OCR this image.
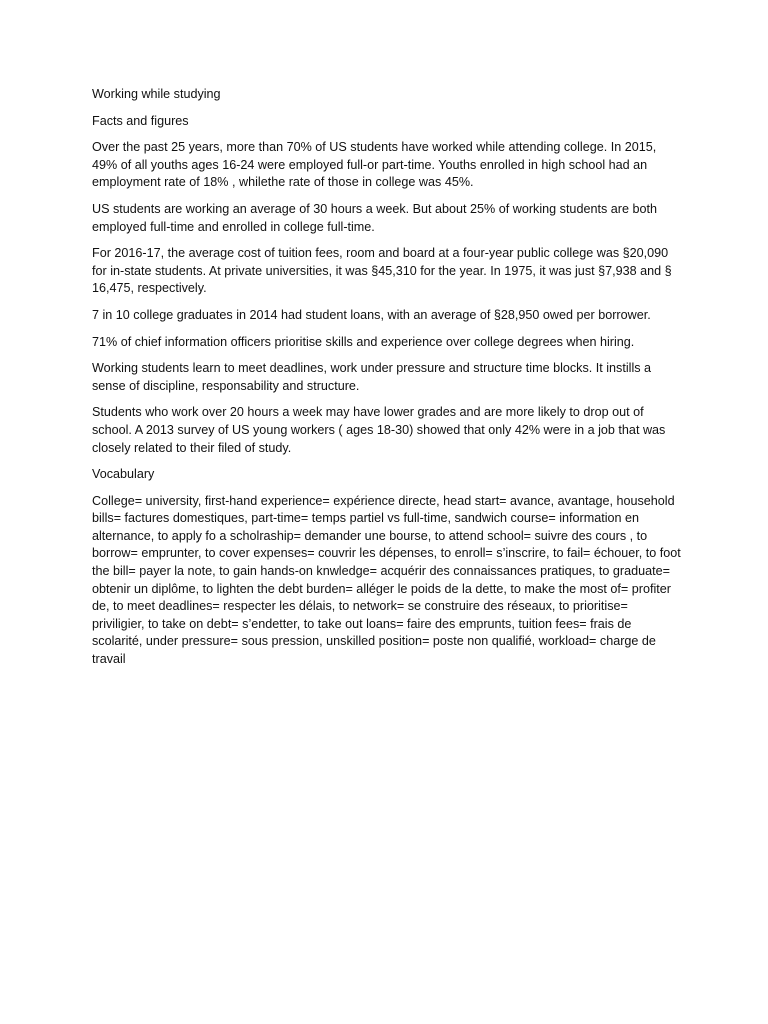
Working while studying

Facts and figures

Over the past 25 years, more than 70% of US students have worked while attending college. In 2015, 49% of all youths ages 16-24 were employed full-or part-time. Youths enrolled in high school had an employment rate of 18% , whilethe rate of those in college was 45%.

US students are working an average of 30 hours a week. But about 25% of working students are both employed full-time and enrolled in college full-time.

For 2016-17, the average cost of tuition fees, room and board at a four-year public college was §20,090 for in-state students. At private universities, it was §45,310 for the year. In 1975, it was just §7,938 and § 16,475, respectively.

7 in 10 college graduates in 2014 had student loans, with an average of §28,950 owed per borrower.

71% of chief information officers prioritise skills and experience over college degrees when hiring.

Working students learn to meet deadlines, work under pressure and structure time blocks. It instills a sense of discipline, responsability and structure.

Students who work over 20 hours a week may have lower grades and are more likely to drop out of school. A 2013 survey of US young workers ( ages 18-30) showed that only 42% were in a job that was closely related to their filed of study.

Vocabulary

College= university, first-hand experience= expérience directe, head start= avance, avantage, household bills= factures domestiques, part-time= temps partiel vs full-time, sandwich course= information en alternance, to apply fo a scholraship= demander une bourse, to attend school= suivre des cours , to borrow= emprunter, to cover expenses= couvrir les dépenses, to enroll= s’inscrire, to fail= échouer, to foot the bill= payer la note, to gain hands-on knwledge= acquérir des connaissances pratiques, to graduate= obtenir un diplôme, to lighten the debt burden= alléger le poids de la dette, to make the most of= profiter de, to meet deadlines= respecter les délais, to network= se construire des réseaux, to prioritise= priviligier, to take on debt= s’endetter, to take out loans= faire des emprunts, tuition fees= frais de scolarité, under pressure= sous pression, unskilled position= poste non qualifié, workload= charge de travail
